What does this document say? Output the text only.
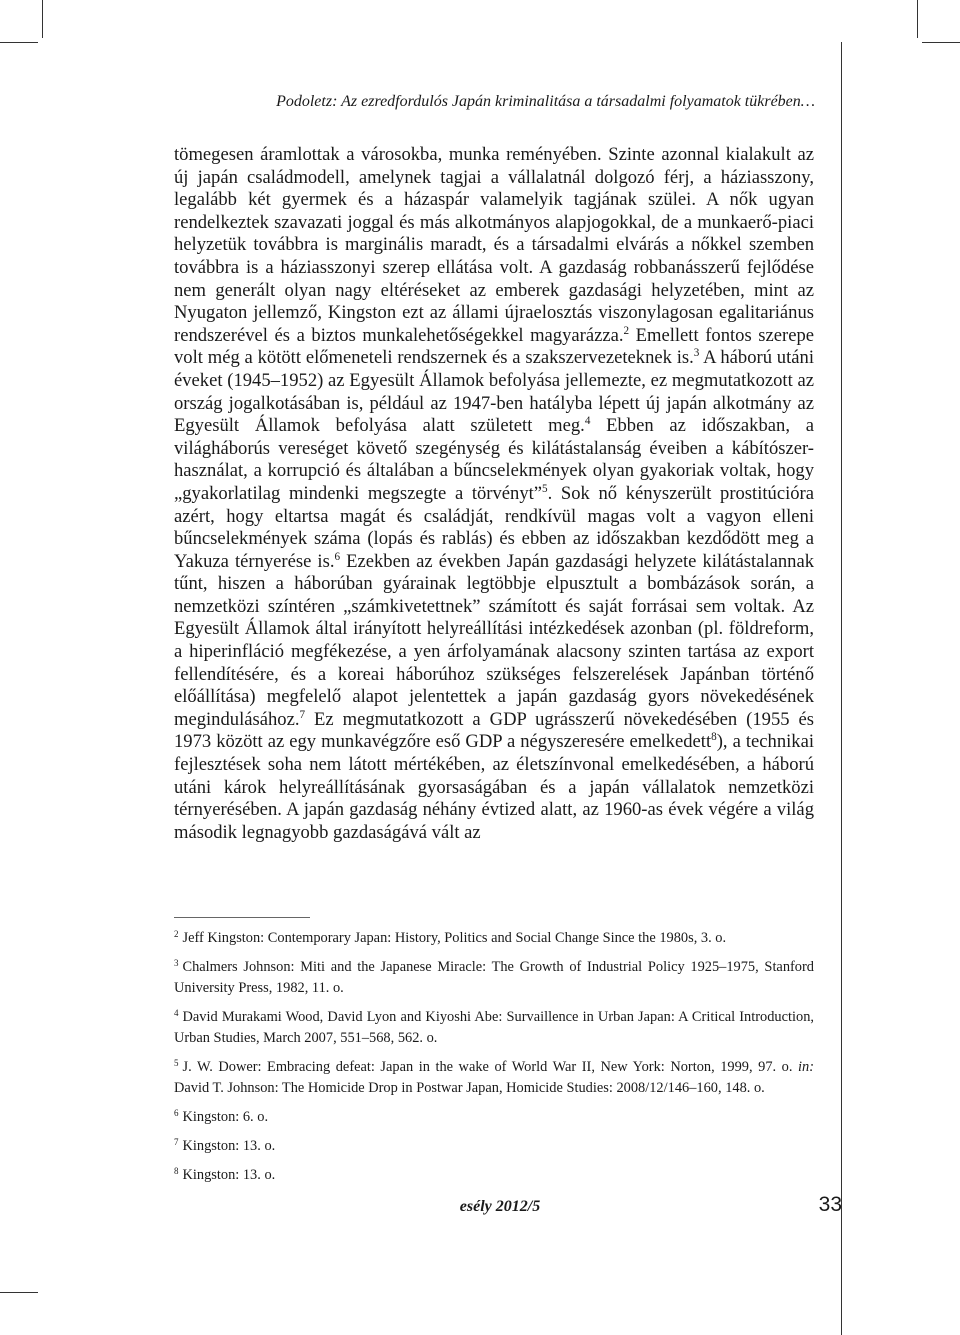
Podoletz: Az ezredfordulós Japán kriminalitása a társadalmi folyamatok tükrében…

tömegesen áramlottak a városokba, munka reményében. Szinte azonnal kialakult az új japán családmodell, amelynek tagjai a vállalatnál dolgozó férj, a háziasszony, legalább két gyermek és a házaspár valamelyik tagjának szülei. A nők ugyan rendelkeztek szavazati joggal és más alkotmányos alapjogokkal, de a munkaerő-piaci helyzetük továbbra is marginális maradt, és a társadalmi elvárás a nőkkel szemben továbbra is a háziasszonyi szerep ellátása volt. A gazdaság robbanásszerű fejlődése nem generált olyan nagy eltéréseket az emberek gazdasági helyzetében, mint az Nyugaton jellemző, Kingston ezt az állami újraelosztás viszonylagosan egalitariánus rendszerével és a biztos munkalehetőségekkel magyarázza.$^2$ Emellett fontos szerepe volt még a kötött előmeneteli rendszernek és a szakszervezeteknek is.$^3$ A háború utáni éveket (1945–1952) az Egyesült Államok befolyása jellemezte, ez megmutatkozott az ország jogalkotásában is, például az 1947-ben hatályba lépett új japán alkotmány az Egyesült Államok befolyása alatt született meg.$^4$ Ebben az időszakban, a világháborús vereséget követő szegénység és kilátástalanság éveiben a kábítószer-használat, a korrupció és általában a bűncselekmények olyan gyakoriak voltak, hogy „gyakorlatilag mindenki megszegte a törvényt”$^5$. Sok nő kényszerült prostitúcióra azért, hogy eltartsa magát és családját, rendkívül magas volt a vagyon elleni bűncselekmények száma (lopás és rablás) és ebben az időszakban kezdődött meg a Yakuza térnyerése is.$^6$ Ezekben az években Japán gazdasági helyzete kilátástalannak tűnt, hiszen a háborúban gyárainak legtöbbje elpusztult a bombázások során, a nemzetközi színtéren „számkivetettnek” számított és saját forrásai sem voltak. Az Egyesült Államok által irányított helyreállítási intézkedések azonban (pl. földreform, a hiperinfláció megfékezése, a yen árfolyamának alacsony szinten tartása az export fellendítésére, és a koreai háborúhoz szükséges felszerelések Japánban történő előállítása) megfelelő alapot jelentettek a japán gazdaság gyors növekedésének megindulásához.$^7$ Ez megmutatkozott a GDP ugrásszerű növekedésében (1955 és 1973 között az egy munkavégzőre eső GDP a négyszeresére emelkedett$^8$), a technikai fejlesztések soha nem látott mértékében, az életszínvonal emelkedésében, a háború utáni károk helyreállításának gyorsaságában és a japán vállalatok nemzetközi térnyerésében. A japán gazdaság néhány évtized alatt, az 1960-as évek végére a világ második legnagyobb gazdaságává vált az

$^2$ Jeff Kingston: Contemporary Japan: History, Politics and Social Change Since the 1980s, 3. o.
$^3$ Chalmers Johnson: Miti and the Japanese Miracle: The Growth of Industrial Policy 1925–1975, Stanford University Press, 1982, 11. o.
$^4$ David Murakami Wood, David Lyon and Kiyoshi Abe: Survaillence in Urban Japan: A Critical Introduction, Urban Studies, March 2007, 551–568, 562. o.
$^5$ J. W. Dower: Embracing defeat: Japan in the wake of World War II, New York: Norton, 1999, 97. o. in: David T. Johnson: The Homicide Drop in Postwar Japan, Homicide Studies: 2008/12/146–160, 148. o.
$^6$ Kingston: 6. o.
$^7$ Kingston: 13. o.
$^8$ Kingston: 13. o.
esély 2012/5	33
